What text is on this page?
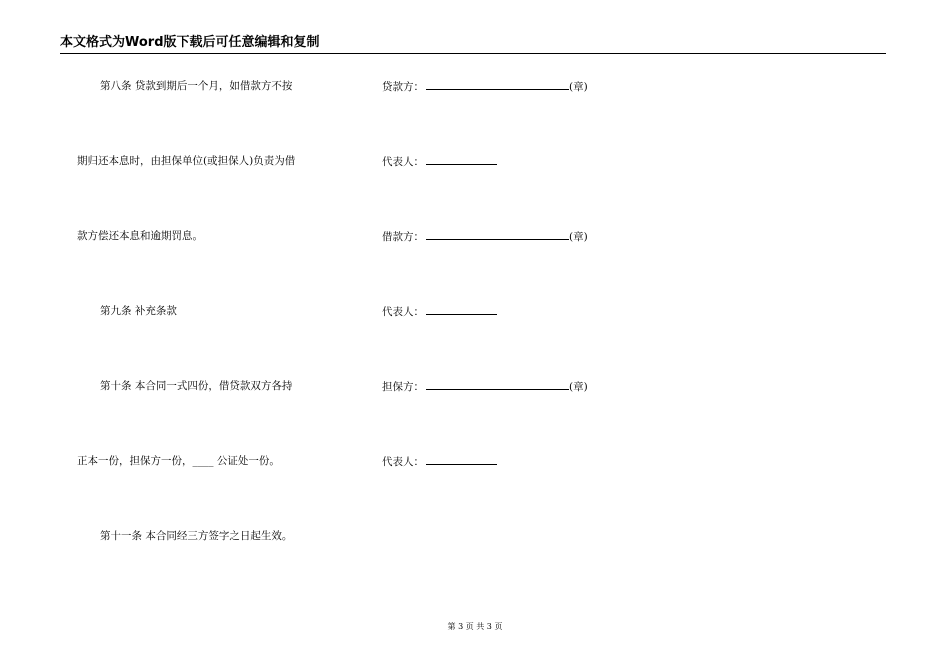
本文格式为Word版下载后可任意编辑和复制
第八条 贷款到期后一个月，如借款方不按
期归还本息时，由担保单位(或担保人)负责为借
款方偿还本息和逾期罚息。
第九条 补充条款
第十条 本合同一式四份，借贷款双方各持
正本一份，担保方一份，____ 公证处一份。
第十一条 本合同经三方签字之日起生效。
贷款方：	(章)
代表人：
借款方：	(章)
代表人：
担保方：	(章)
代表人：
第 3 页 共 3 页
